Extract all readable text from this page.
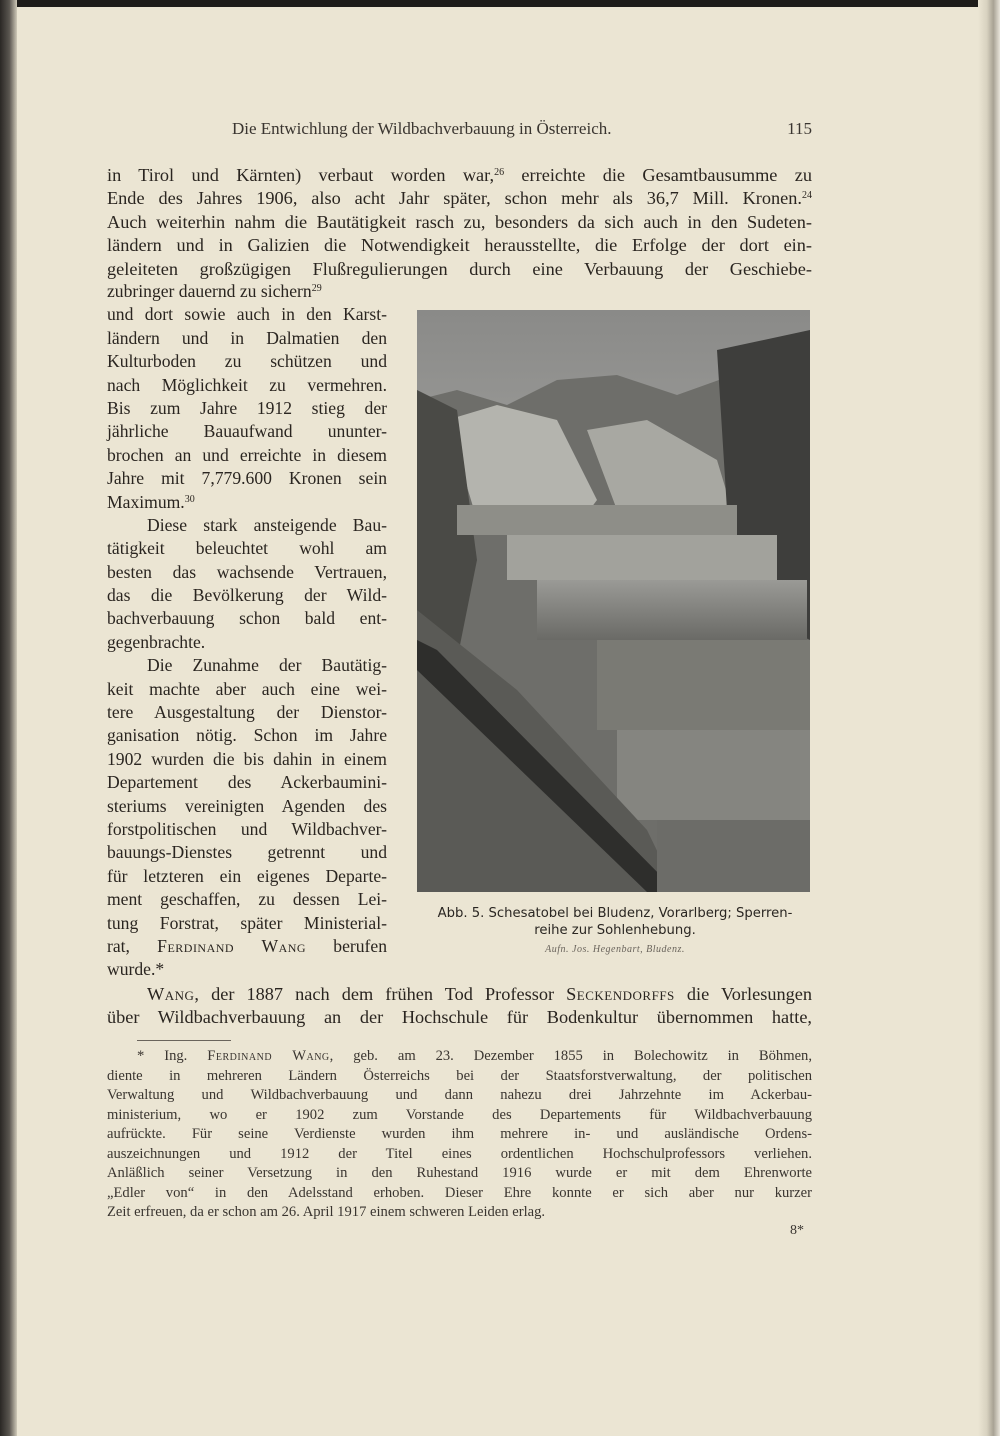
Die Entwichlung der Wildbachverbauung in Österreich.	115
in Tirol und Kärnten) verbaut worden war,$^{26}$ erreichte die Gesamtbausumme zu
Ende des Jahres 1906, also acht Jahr später, schon mehr als 36,7 Mill. Kronen.$^{24}$
Auch weiterhin nahm die Bautätigkeit rasch zu, besonders da sich auch in den Sudeten-
ländern und in Galizien die Notwendigkeit herausstellte, die Erfolge der dort ein-
geleiteten großzügigen Flußregulierungen durch eine Verbauung der Geschiebe-
zubringer dauernd zu sichern$^{29}$
und dort sowie auch in den Karst-
ländern und in Dalmatien den
Kulturboden zu schützen und
nach Möglichkeit zu vermehren.
Bis zum Jahre 1912 stieg der
jährliche Bauaufwand ununter-
brochen an und erreichte in diesem
Jahre mit 7,779.600 Kronen sein
Maximum.$^{30}$
Diese stark ansteigende Bau-
tätigkeit beleuchtet wohl am
besten das wachsende Vertrauen,
das die Bevölkerung der Wild-
bachverbauung schon bald ent-
gegenbrachte.
Die Zunahme der Bautätig-
keit machte aber auch eine wei-
tere Ausgestaltung der Dienstor-
ganisation nötig. Schon im Jahre
1902 wurden die bis dahin in einem
Departement des Ackerbaumini-
steriums vereinigten Agenden des
forstpolitischen und Wildbachver-
bauungs-Dienstes getrennt und
für letzteren ein eigenes Departe-
ment geschaffen, zu dessen Lei-
tung Forstrat, später Ministerial-
rat, Ferdinand Wang berufen
wurde.*
Wang, der 1887 nach dem frühen Tod Professor Seckendorffs die Vorlesungen
über Wildbachverbauung an der Hochschule für Bodenkultur übernommen hatte,
Abb. 5. Schesatobel bei Bludenz, Vorarlberg; Sperren-
reihe zur Sohlenhebung.
Aufn. Jos. Hegenbart, Bludenz.
* Ing. Ferdinand Wang, geb. am 23. Dezember 1855 in Bolechowitz in Böhmen,
diente in mehreren Ländern Österreichs bei der Staatsforstverwaltung, der politischen
Verwaltung und Wildbachverbauung und dann nahezu drei Jahrzehnte im Ackerbau-
ministerium, wo er 1902 zum Vorstande des Departements für Wildbachverbauung
aufrückte. Für seine Verdienste wurden ihm mehrere in- und ausländische Ordens-
auszeichnungen und 1912 der Titel eines ordentlichen Hochschulprofessors verliehen.
Anläßlich seiner Versetzung in den Ruhestand 1916 wurde er mit dem Ehrenworte
„Edler von“ in den Adelsstand erhoben. Dieser Ehre konnte er sich aber nur kurzer
Zeit erfreuen, da er schon am 26. April 1917 einem schweren Leiden erlag.
8*
